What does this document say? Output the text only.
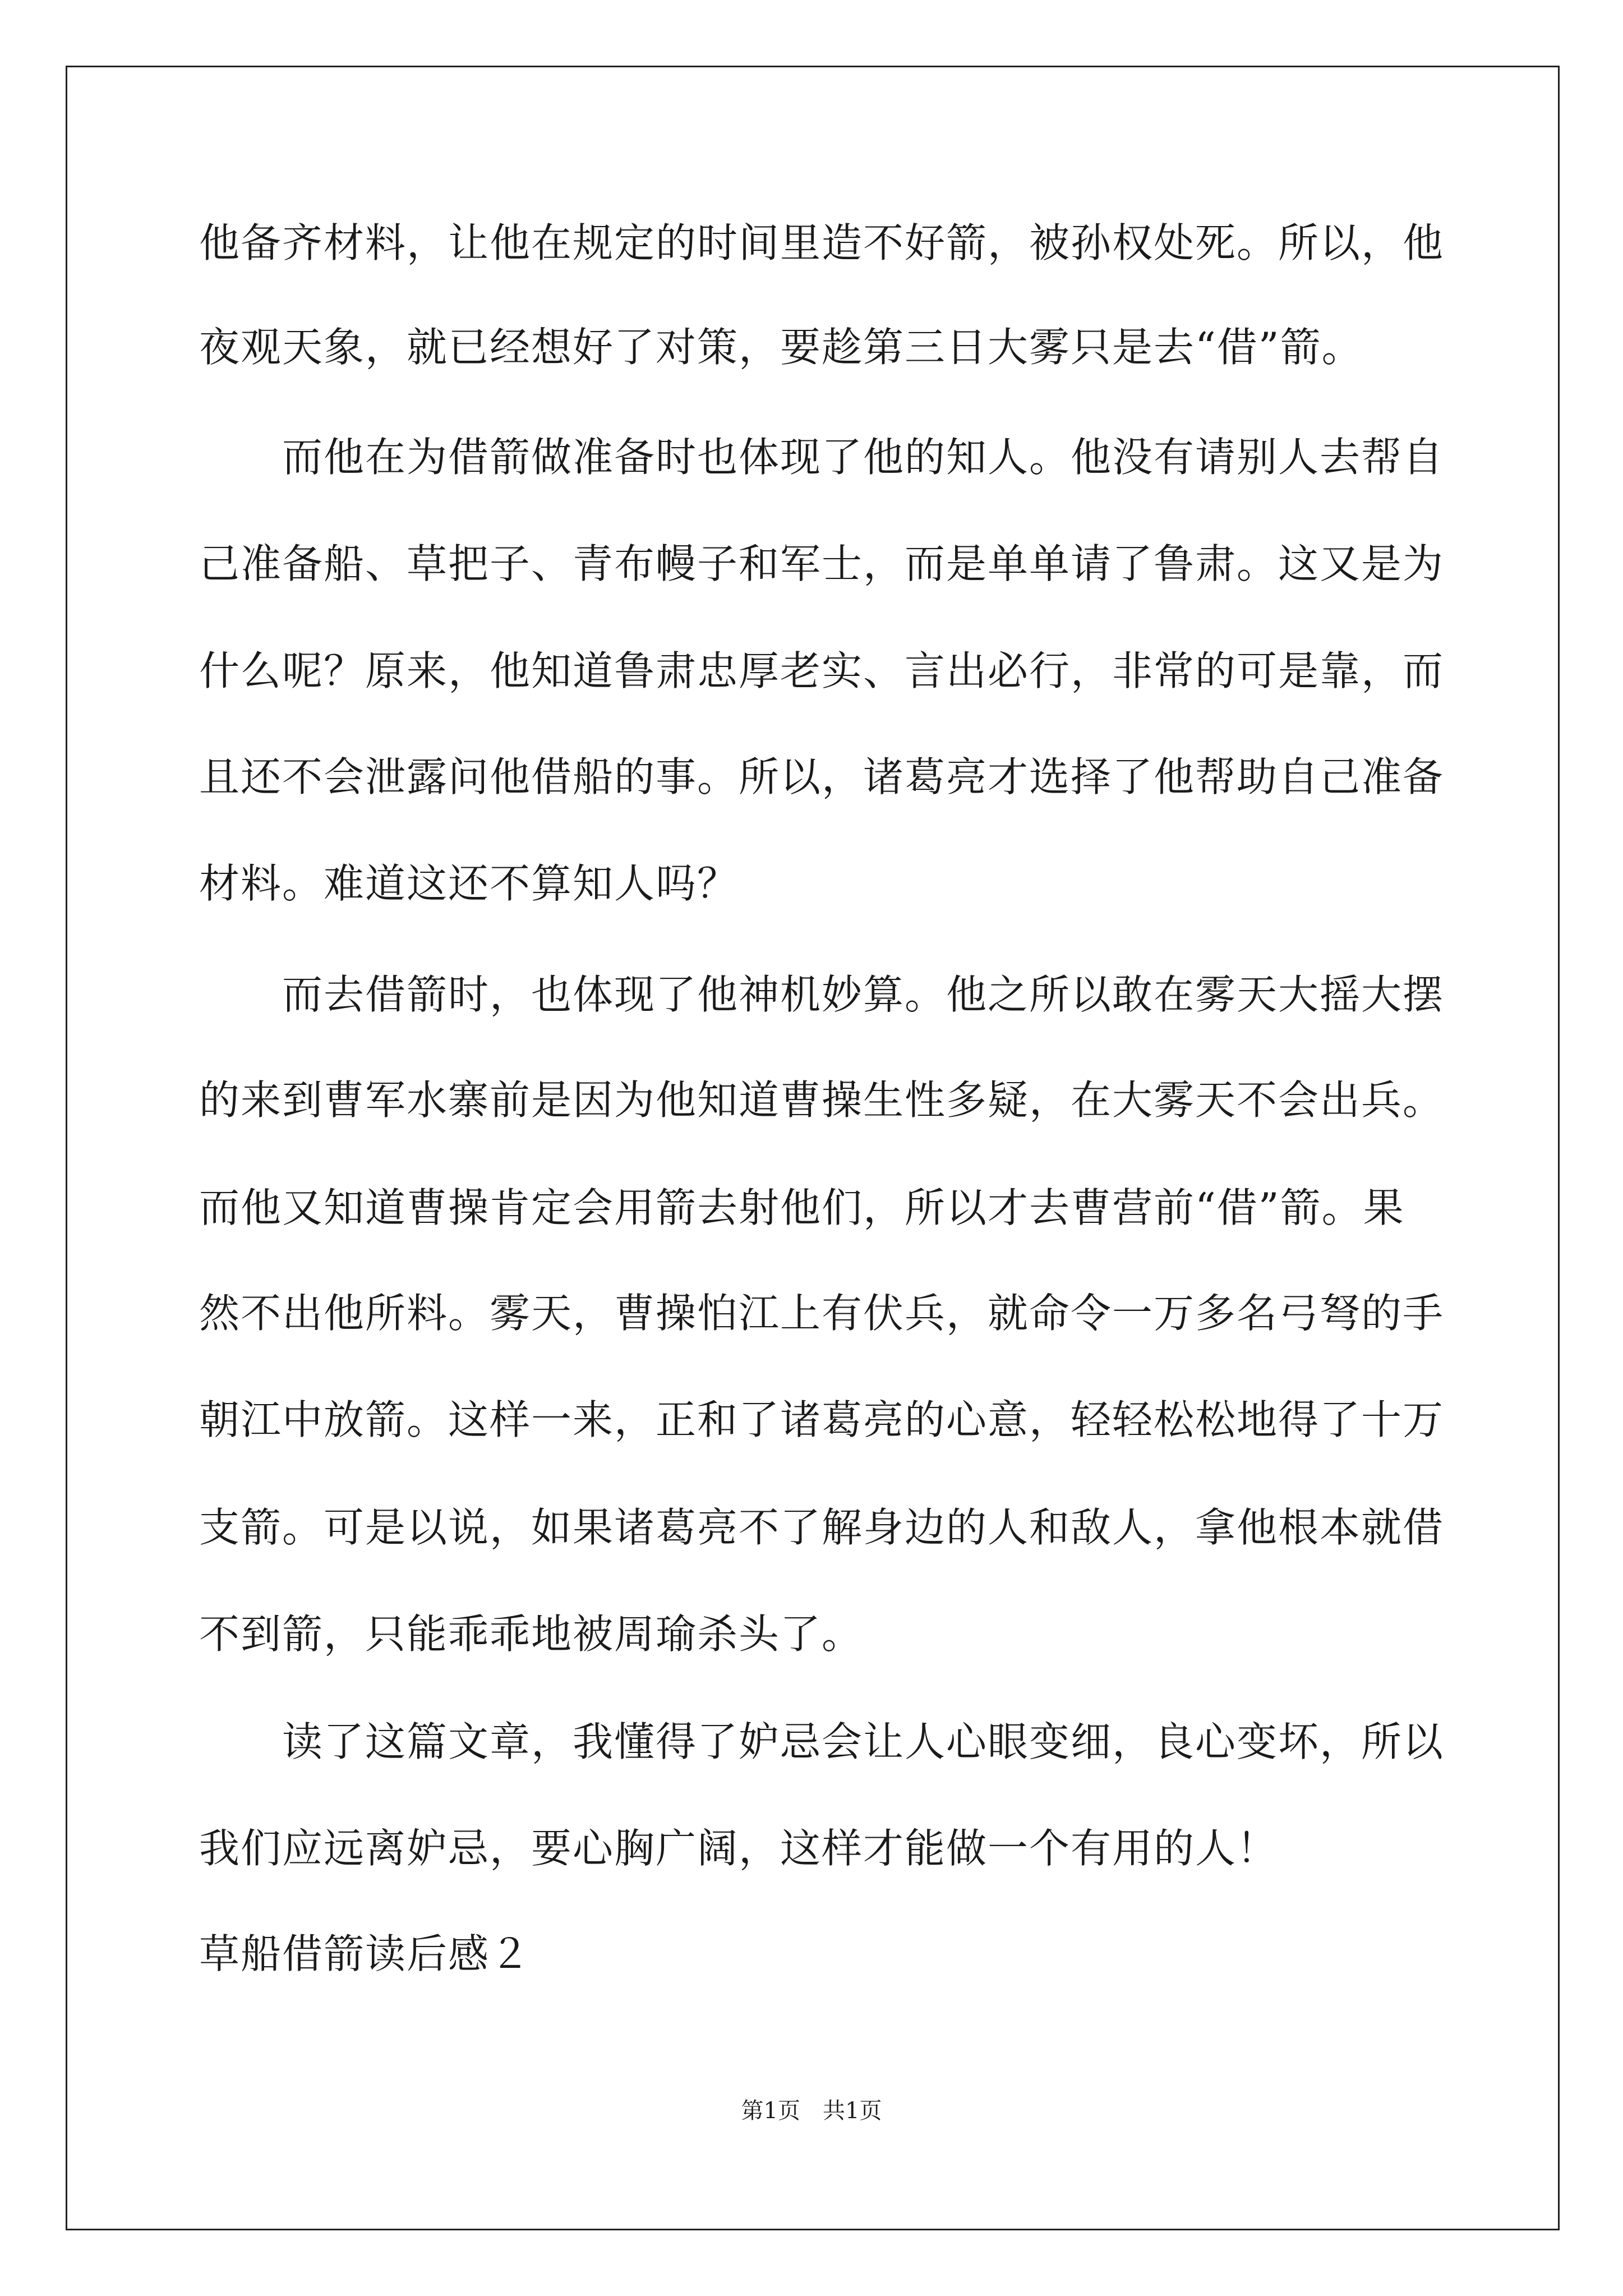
他备齐材料，让他在规定的时间里造不好箭，被孙权处死。所以，他
夜观天象，就已经想好了对策，要趁第三日大雾只是去“借”箭。
　　而他在为借箭做准备时也体现了他的知人。他没有请别人去帮自
己准备船、草把子、青布幔子和军士，而是单单请了鲁肃。这又是为
什么呢？原来，他知道鲁肃忠厚老实、言出必行，非常的可是靠，而
且还不会泄露问他借船的事。所以，诸葛亮才选择了他帮助自己准备
材料。难道这还不算知人吗？
　　而去借箭时，也体现了他神机妙算。他之所以敢在雾天大摇大摆
的来到曹军水寨前是因为他知道曹操生性多疑，在大雾天不会出兵。
而他又知道曹操肯定会用箭去射他们，所以才去曹营前“借”箭。果
然不出他所料。雾天，曹操怕江上有伏兵，就命令一万多名弓弩的手
朝江中放箭。这样一来，正和了诸葛亮的心意，轻轻松松地得了十万
支箭。可是以说，如果诸葛亮不了解身边的人和敌人，拿他根本就借
不到箭，只能乖乖地被周瑜杀头了。
　　读了这篇文章，我懂得了妒忌会让人心眼变细，良心变坏，所以
我们应远离妒忌，要心胸广阔，这样才能做一个有用的人！
草船借箭读后感２
第1页　共1页
